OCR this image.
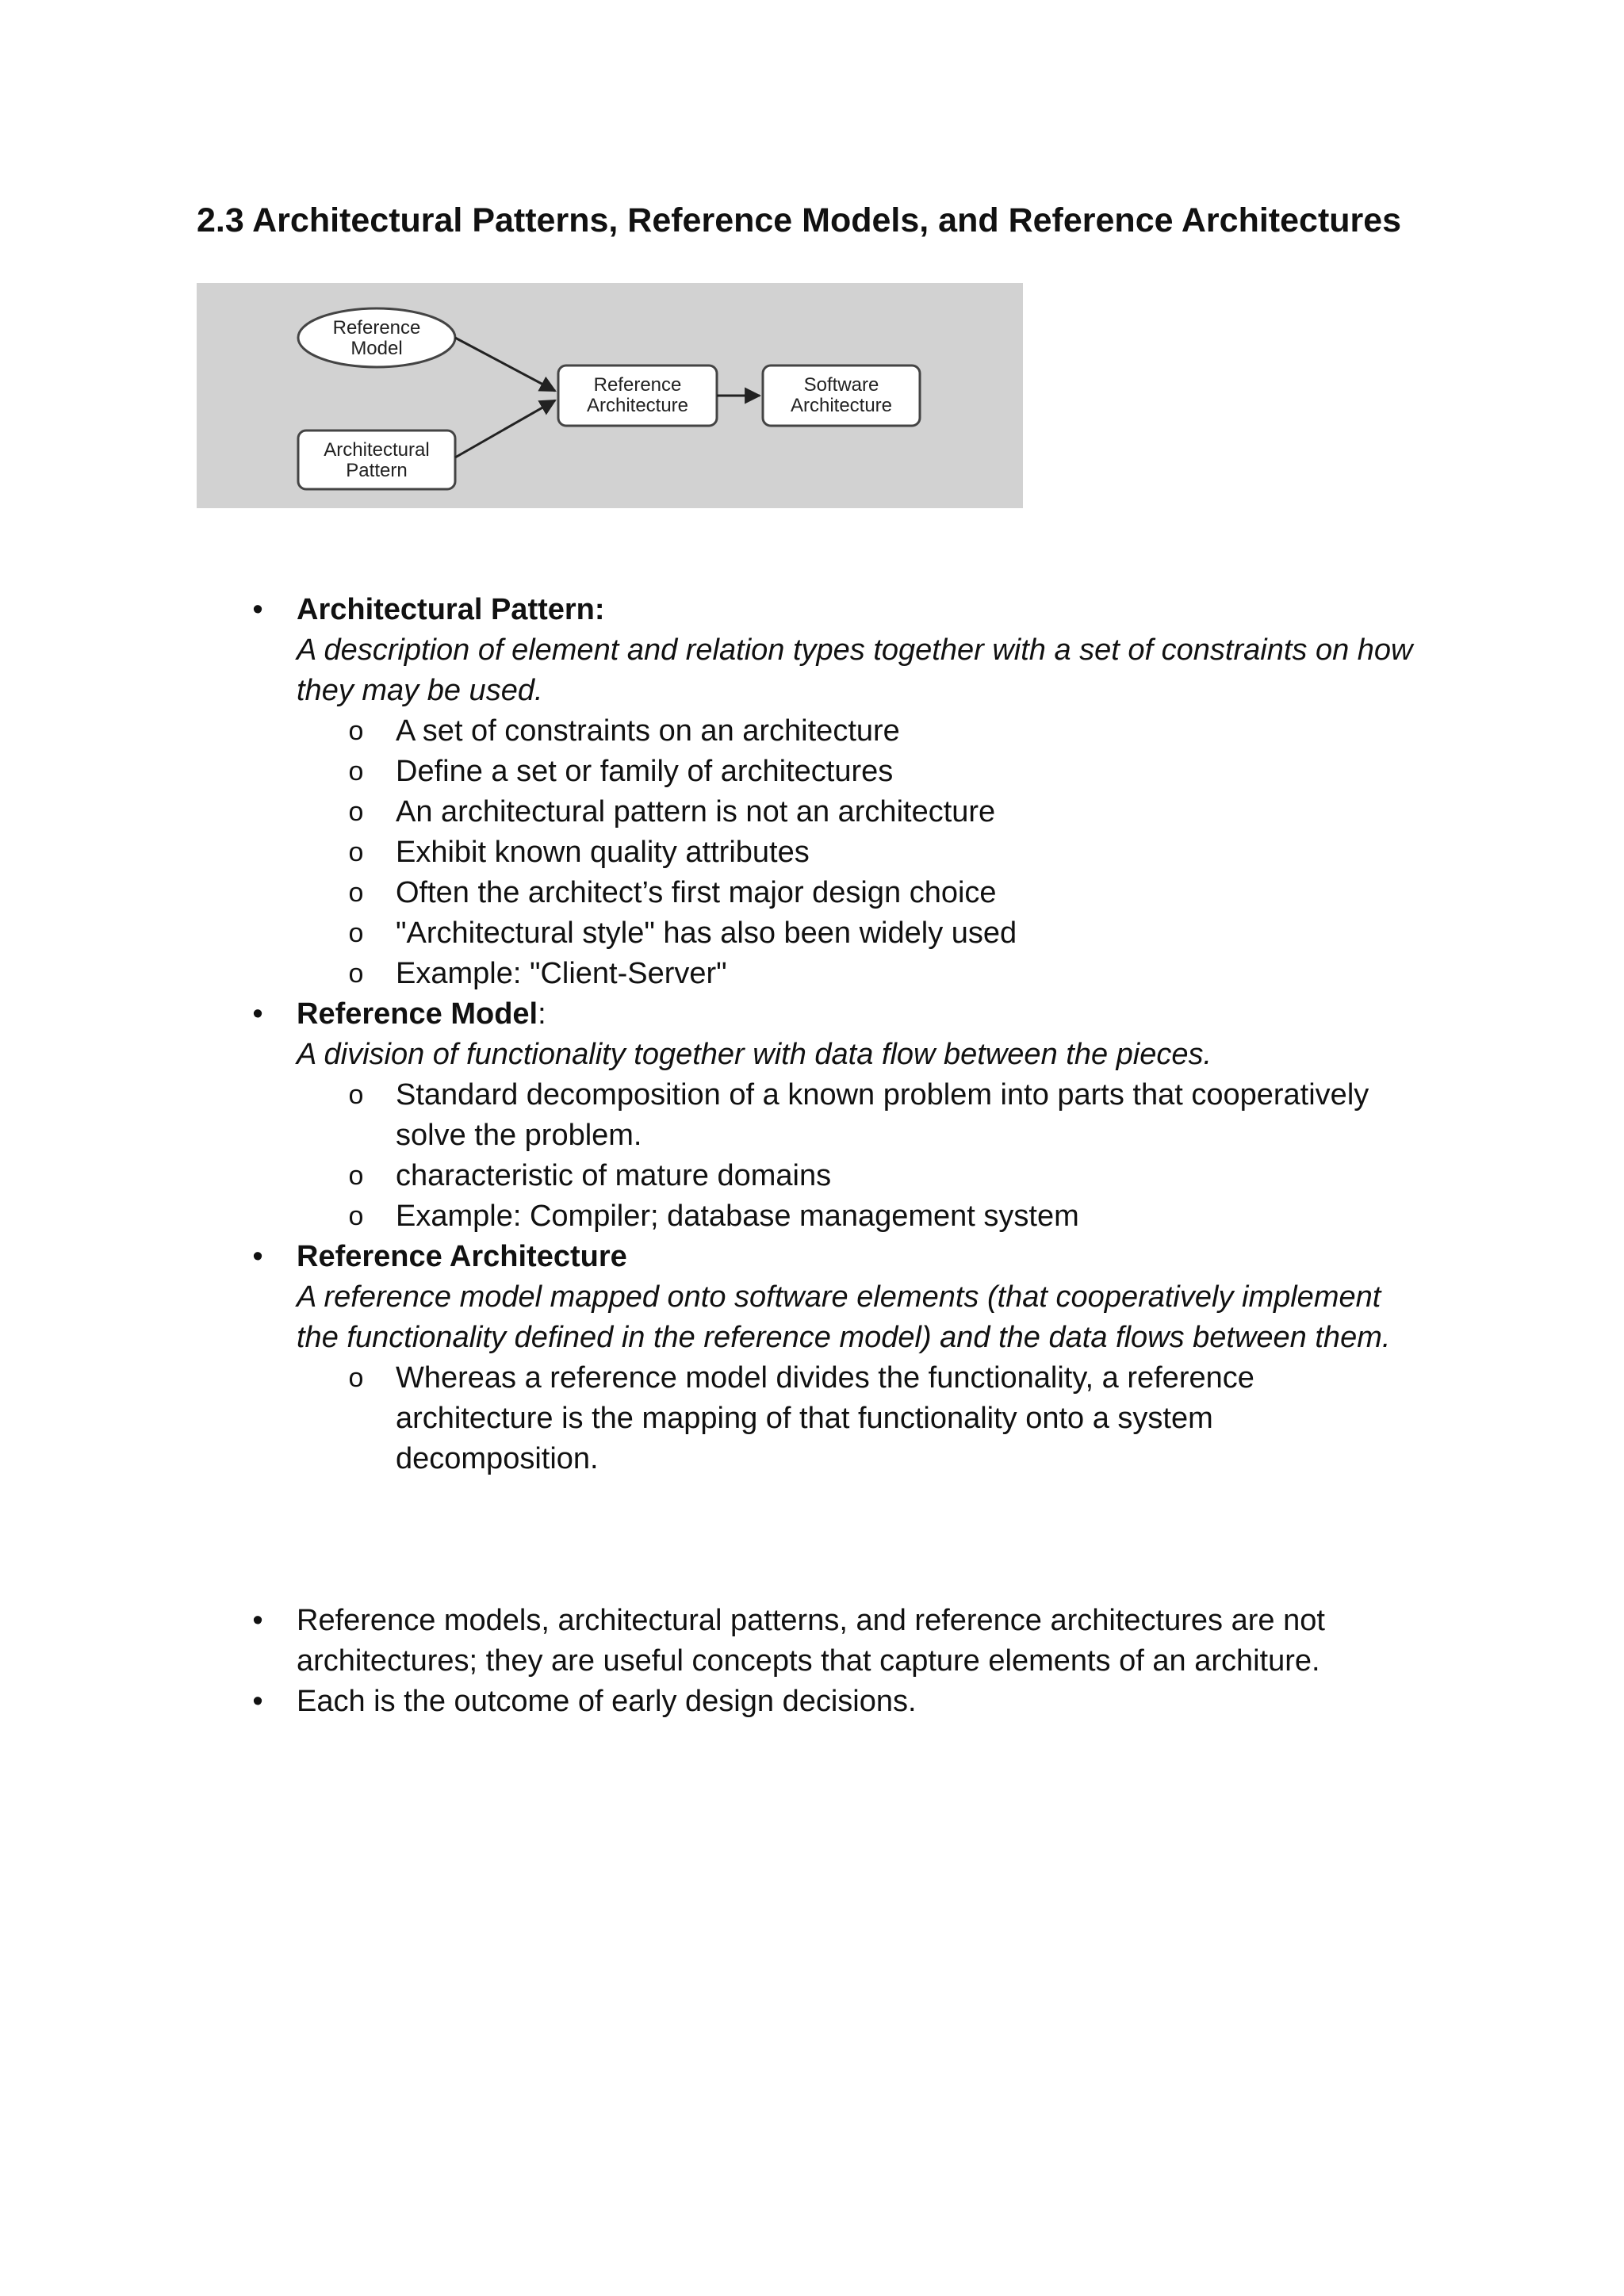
2.3 Architectural Patterns, Reference Models, and Reference Architectures
Reference
Model
Architectural
Pattern
Reference
Architecture
Software
Architecture
• Architectural Pattern:
A description of element and relation types together with a set of constraints on how
they may be used.
o A set of constraints on an architecture
o Define a set or family of architectures
o An architectural pattern is not an architecture
o Exhibit known quality attributes
o Often the architect’s first major design choice
o "Architectural style" has also been widely used
o Example: "Client-Server"
• Reference Model:
A division of functionality together with data flow between the pieces.
o Standard decomposition of a known problem into parts that cooperatively
solve the problem.
o characteristic of mature domains
o Example: Compiler; database management system
• Reference Architecture
A reference model mapped onto software elements (that cooperatively implement
the functionality defined in the reference model) and the data flows between them.
o Whereas a reference model divides the functionality, a reference
architecture is the mapping of that functionality onto a system
decomposition.
• Reference models, architectural patterns, and reference architectures are not
architectures; they are useful concepts that capture elements of an architure.
• Each is the outcome of early design decisions.
